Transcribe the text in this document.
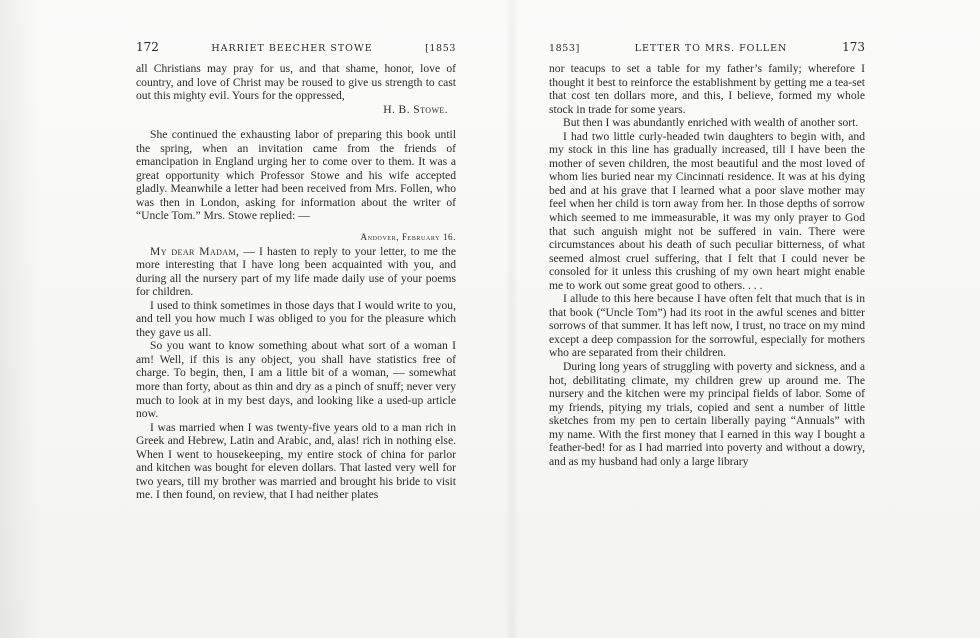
172	HARRIET BEECHER STOWE	[1853

all Christians may pray for us, and that shame, honor, love of country, and love of Christ may be roused to give us strength to cast out this mighty evil. Yours for the oppressed,

H. B. Stowe.

She continued the exhausting labor of preparing this book until the spring, when an invitation came from the friends of emancipation in England urging her to come over to them. It was a great opportunity which Professor Stowe and his wife accepted gladly. Meanwhile a letter had been received from Mrs. Follen, who was then in London, asking for information about the writer of “Uncle Tom.” Mrs. Stowe replied: —

Andover, February 16.

My dear Madam, — I hasten to reply to your letter, to me the more interesting that I have long been acquainted with you, and during all the nursery part of my life made daily use of your poems for children.

I used to think sometimes in those days that I would write to you, and tell you how much I was obliged to you for the pleasure which they gave us all.

So you want to know something about what sort of a woman I am! Well, if this is any object, you shall have statistics free of charge. To begin, then, I am a little bit of a woman, — somewhat more than forty, about as thin and dry as a pinch of snuff; never very much to look at in my best days, and looking like a used-up article now.

I was married when I was twenty-five years old to a man rich in Greek and Hebrew, Latin and Arabic, and, alas! rich in nothing else. When I went to housekeeping, my entire stock of china for parlor and kitchen was bought for eleven dollars. That lasted very well for two years, till my brother was married and brought his bride to visit me. I then found, on review, that I had neither plates

1853]	LETTER TO MRS. FOLLEN	173

nor teacups to set a table for my father’s family; wherefore I thought it best to reinforce the establishment by getting me a tea-set that cost ten dollars more, and this, I believe, formed my whole stock in trade for some years.

But then I was abundantly enriched with wealth of another sort.

I had two little curly-headed twin daughters to begin with, and my stock in this line has gradually increased, till I have been the mother of seven children, the most beautiful and the most loved of whom lies buried near my Cincinnati residence. It was at his dying bed and at his grave that I learned what a poor slave mother may feel when her child is torn away from her. In those depths of sorrow which seemed to me immeasurable, it was my only prayer to God that such anguish might not be suffered in vain. There were circumstances about his death of such peculiar bitterness, of what seemed almost cruel suffering, that I felt that I could never be consoled for it unless this crushing of my own heart might enable me to work out some great good to others. . . .

I allude to this here because I have often felt that much that is in that book (“Uncle Tom”) had its root in the awful scenes and bitter sorrows of that summer. It has left now, I trust, no trace on my mind except a deep compassion for the sorrowful, especially for mothers who are separated from their children.

During long years of struggling with poverty and sickness, and a hot, debilitating climate, my children grew up around me. The nursery and the kitchen were my principal fields of labor. Some of my friends, pitying my trials, copied and sent a number of little sketches from my pen to certain liberally paying “Annuals” with my name. With the first money that I earned in this way I bought a feather-bed! for as I had married into poverty and without a dowry, and as my husband had only a large library
